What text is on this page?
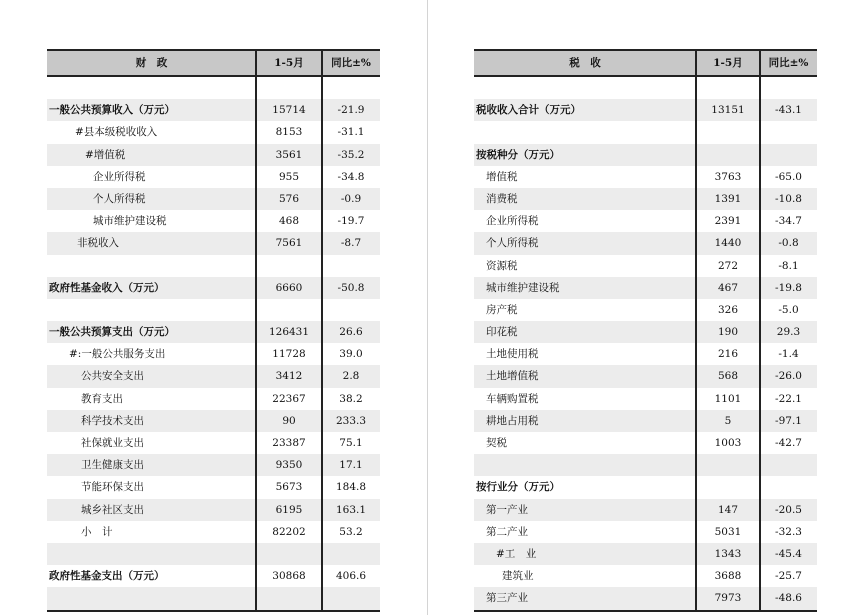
财　政	1-5月	同比±%
一般公共预算收入（万元）	15714	-21.9
#县本级税收收入	8153	-31.1
#增值税	3561	-35.2
企业所得税	955	-34.8
个人所得税	576	-0.9
城市维护建设税	468	-19.7
非税收入	7561	-8.7
政府性基金收入（万元）	6660	-50.8
一般公共预算支出（万元）	126431	26.6
#:一般公共服务支出	11728	39.0
公共安全支出	3412	2.8
教育支出	22367	38.2
科学技术支出	90	233.3
社保就业支出	23387	75.1
卫生健康支出	9350	17.1
节能环保支出	5673	184.8
城乡社区支出	6195	163.1
小　计	82202	53.2
政府性基金支出（万元）	30868	406.6
税　收	1-5月	同比±%
税收收入合计（万元）	13151	-43.1
按税种分（万元）
增值税	3763	-65.0
消费税	1391	-10.8
企业所得税	2391	-34.7
个人所得税	1440	-0.8
资源税	272	-8.1
城市维护建设税	467	-19.8
房产税	326	-5.0
印花税	190	29.3
土地使用税	216	-1.4
土地增值税	568	-26.0
车辆购置税	1101	-22.1
耕地占用税	5	-97.1
契税	1003	-42.7
按行业分（万元）
第一产业	147	-20.5
第二产业	5031	-32.3
#工　业	1343	-45.4
建筑业	3688	-25.7
第三产业	7973	-48.6
